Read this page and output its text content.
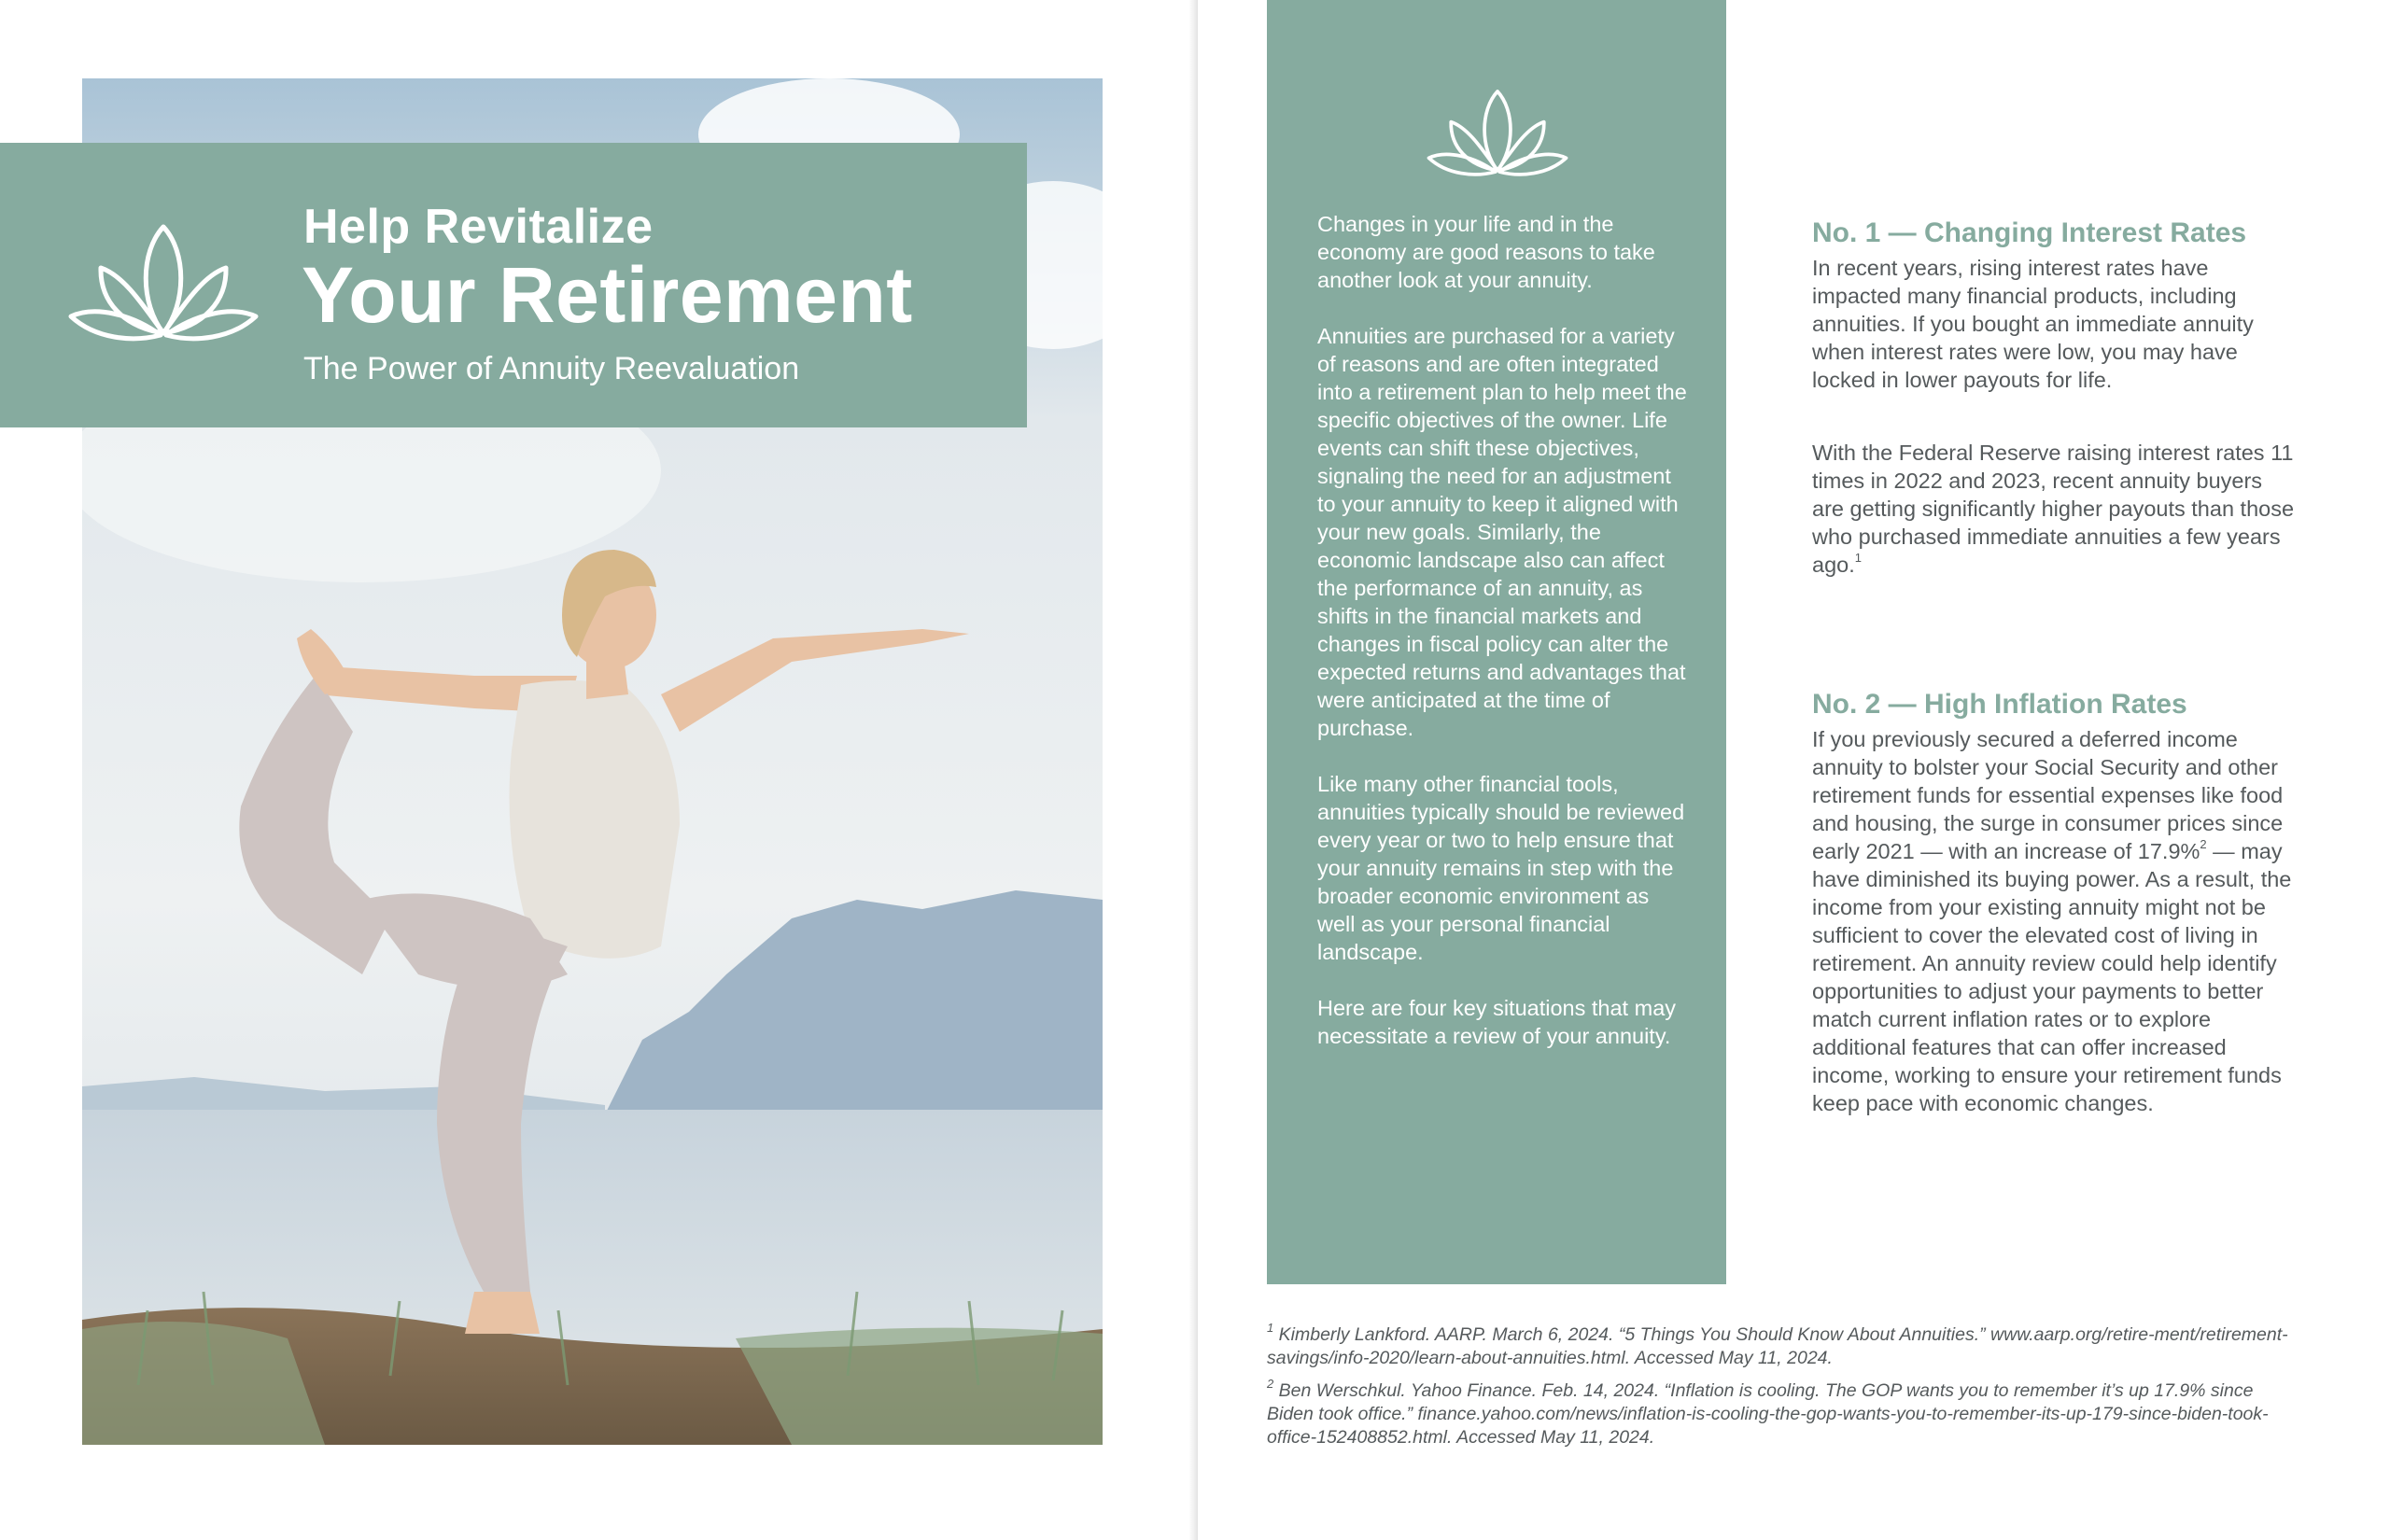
Help Revitalize
Your Retirement
The Power of Annuity Reevaluation

Changes in your life and in the economy are good reasons to take another look at your annuity.

Annuities are purchased for a variety of reasons and are often integrated into a retirement plan to help meet the specific objectives of the owner. Life events can shift these objectives, signaling the need for an adjustment to your annuity to keep it aligned with your new goals. Similarly, the economic landscape also can affect the performance of an annuity, as shifts in the financial markets and changes in fiscal policy can alter the expected returns and advantages that were anticipated at the time of purchase.

Like many other financial tools, annuities typically should be reviewed every year or two to help ensure that your annuity remains in step with the broader economic environment as well as your personal financial landscape.

Here are four key situations that may necessitate a review of your annuity.

No. 1 — Changing Interest Rates

In recent years, rising interest rates have impacted many financial products, including annuities. If you bought an immediate annuity when interest rates were low, you may have locked in lower payouts for life.

With the Federal Reserve raising interest rates 11 times in 2022 and 2023, recent annuity buyers are getting significantly higher payouts than those who purchased immediate annuities a few years ago.$^1$

No. 2 — High Inflation Rates

If you previously secured a deferred income annuity to bolster your Social Security and other retirement funds for essential expenses like food and housing, the surge in consumer prices since early 2021 — with an increase of 17.9%$^2$ — may have diminished its buying power. As a result, the income from your existing annuity might not be sufficient to cover the elevated cost of living in retirement. An annuity review could help identify opportunities to adjust your payments to better match current inflation rates or to explore additional features that can offer increased income, working to ensure your retirement funds keep pace with economic changes.

$^1$ Kimberly Lankford. AARP. March 6, 2024. “5 Things You Should Know About Annuities.” www.aarp.org/retire-ment/retirement-savings/info-2020/learn-about-annuities.html. Accessed May 11, 2024.

$^2$ Ben Werschkul. Yahoo Finance. Feb. 14, 2024. “Inflation is cooling. The GOP wants you to remember it’s up 17.9% since Biden took office.” finance.yahoo.com/news/inflation-is-cooling-the-gop-wants-you-to-remember-its-up-179-since-biden-took-office-152408852.html. Accessed May 11, 2024.
